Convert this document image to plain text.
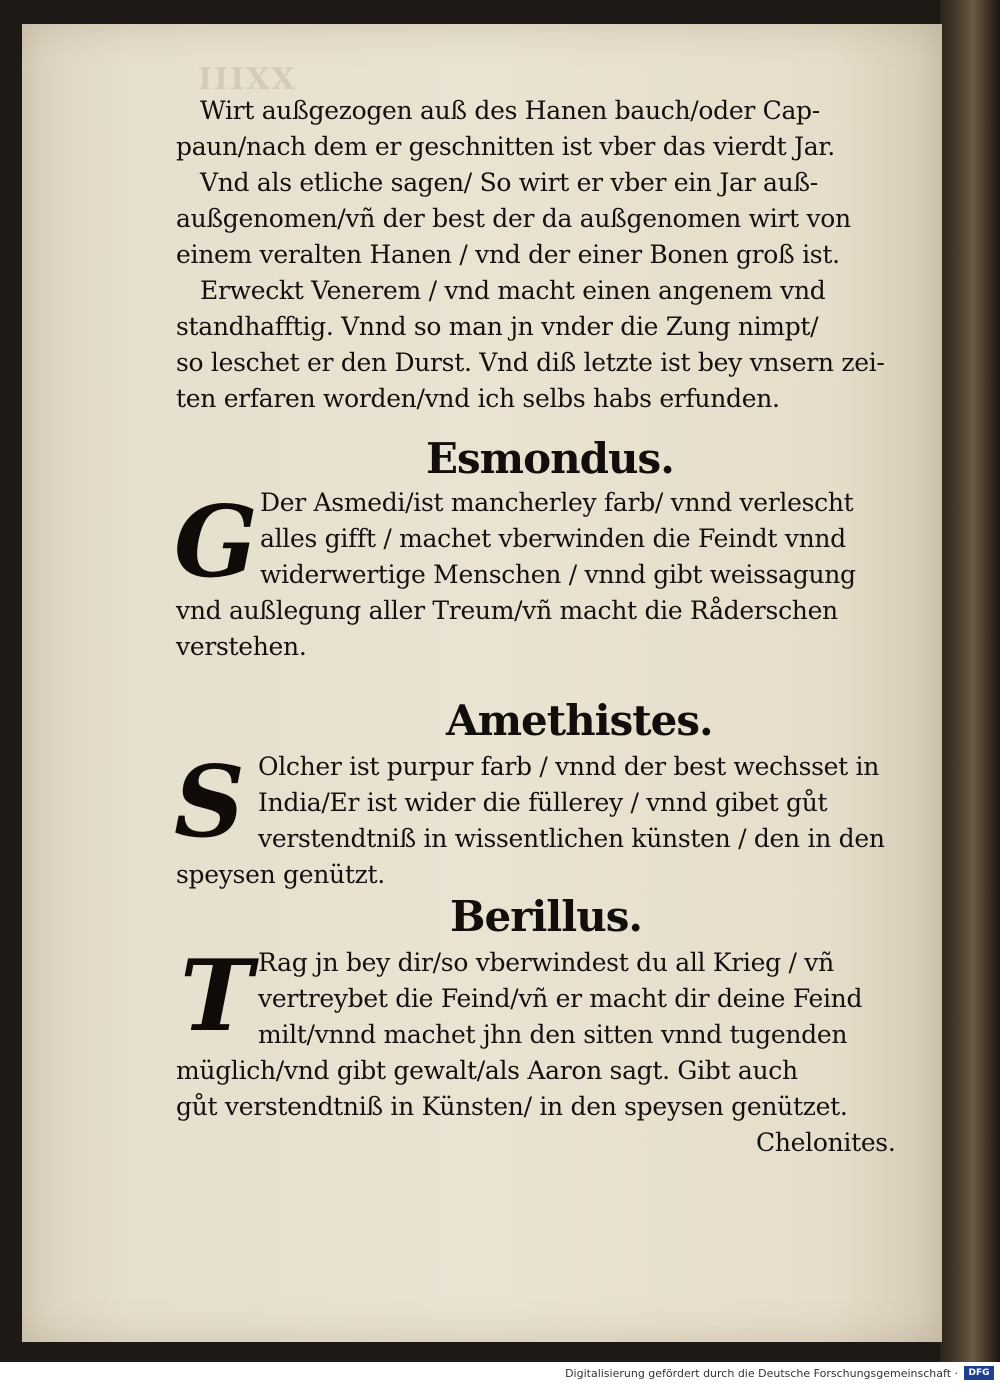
IIIXX
Wirt außgezogen auß des Hanen bauch/oder Cap-
paun/nach dem er geschnitten ist vber das vierdt Jar.
Vnd als etliche sagen/ So wirt er vber ein Jar auß-
außgenomen/vñ der best der da außgenomen wirt von
einem veralten Hanen / vnd der einer Bonen groß ist.
Erweckt Venerem / vnd macht einen angenem vnd
standhafftig. Vnnd so man jn vnder die Zung nimpt/
so leschet er den Durst. Vnd diß letzte ist bey vnsern zei-
ten erfaren worden/vnd ich selbs habs erfunden.
Esmondus.
G Der Asmedi/ist mancherley farb/ vnnd verlescht
alles gifft / machet vberwinden die Feindt vnnd
widerwertige Menschen / vnnd gibt weissagung
vnd außlegung aller Treum/vñ macht die Råderschen
verstehen.
Amethistes.
S Olcher ist purpur farb / vnnd der best wechsset in
India/Er ist wider die füllerey / vnnd gibet gůt
verstendtniß in wissentlichen künsten / den in den
speysen genützt.
Berillus.
T Rag jn bey dir/so vberwindest du all Krieg / vñ
vertreybet die Feind/vñ er macht dir deine Feind
milt/vnnd machet jhn den sitten vnnd tugenden
müglich/vnd gibt gewalt/als Aaron sagt. Gibt auch
gůt verstendtniß in Künsten/ in den speysen genützet.
Chelonites.
Digitalisierung gefördert durch die Deutsche Forschungsgemeinschaft ·	DFG
